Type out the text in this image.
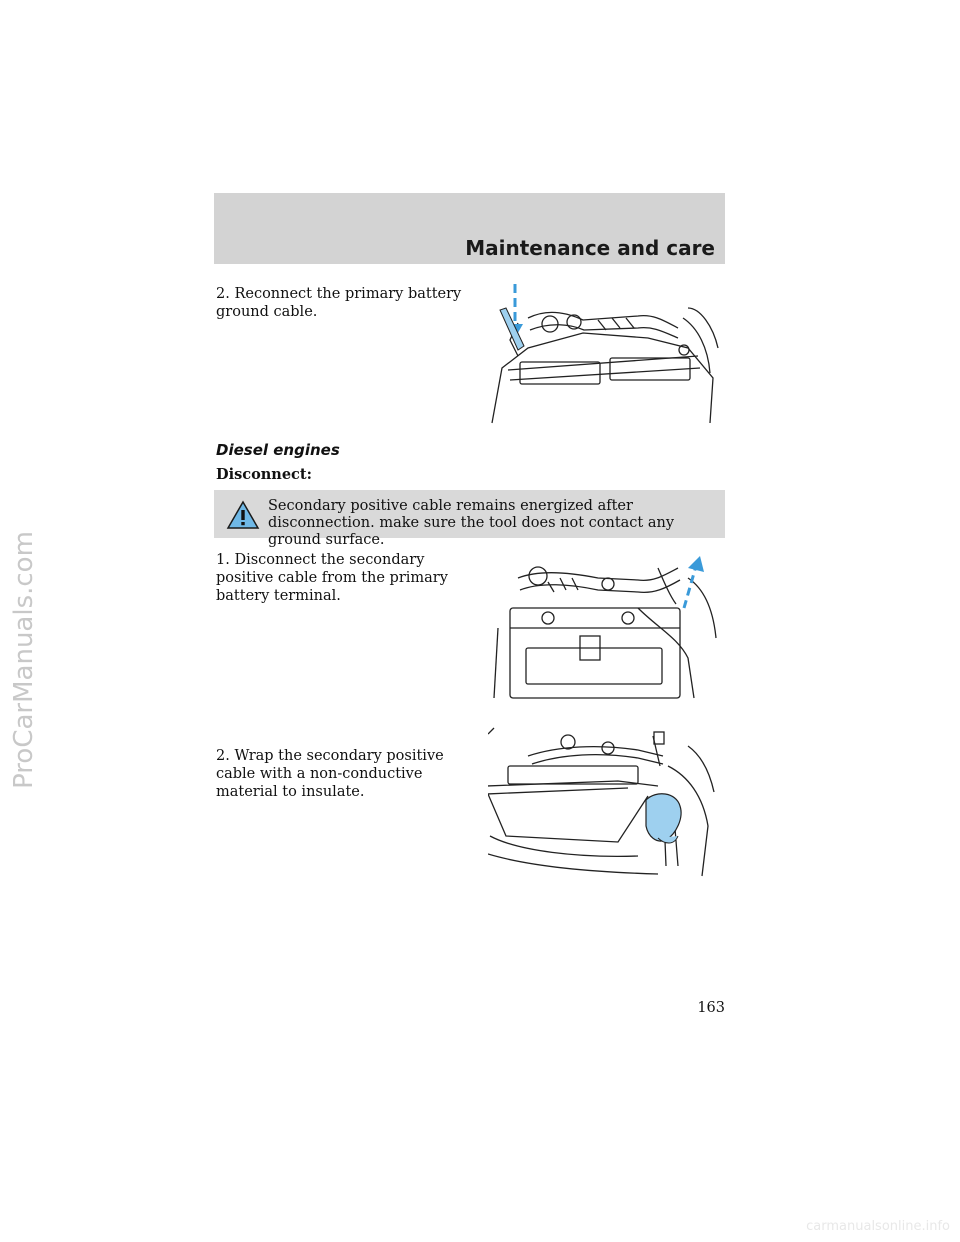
Maintenance and care
2. Reconnect the primary battery ground cable.
Diesel engines
Disconnect:
Secondary positive cable remains energized after disconnection. make sure the tool does not contact any ground surface.
1. Disconnect the secondary positive cable from the primary battery terminal.
2. Wrap the secondary positive cable with a non-conductive material to insulate.
163
ProCarManuals.com
carmanualsonline.info
